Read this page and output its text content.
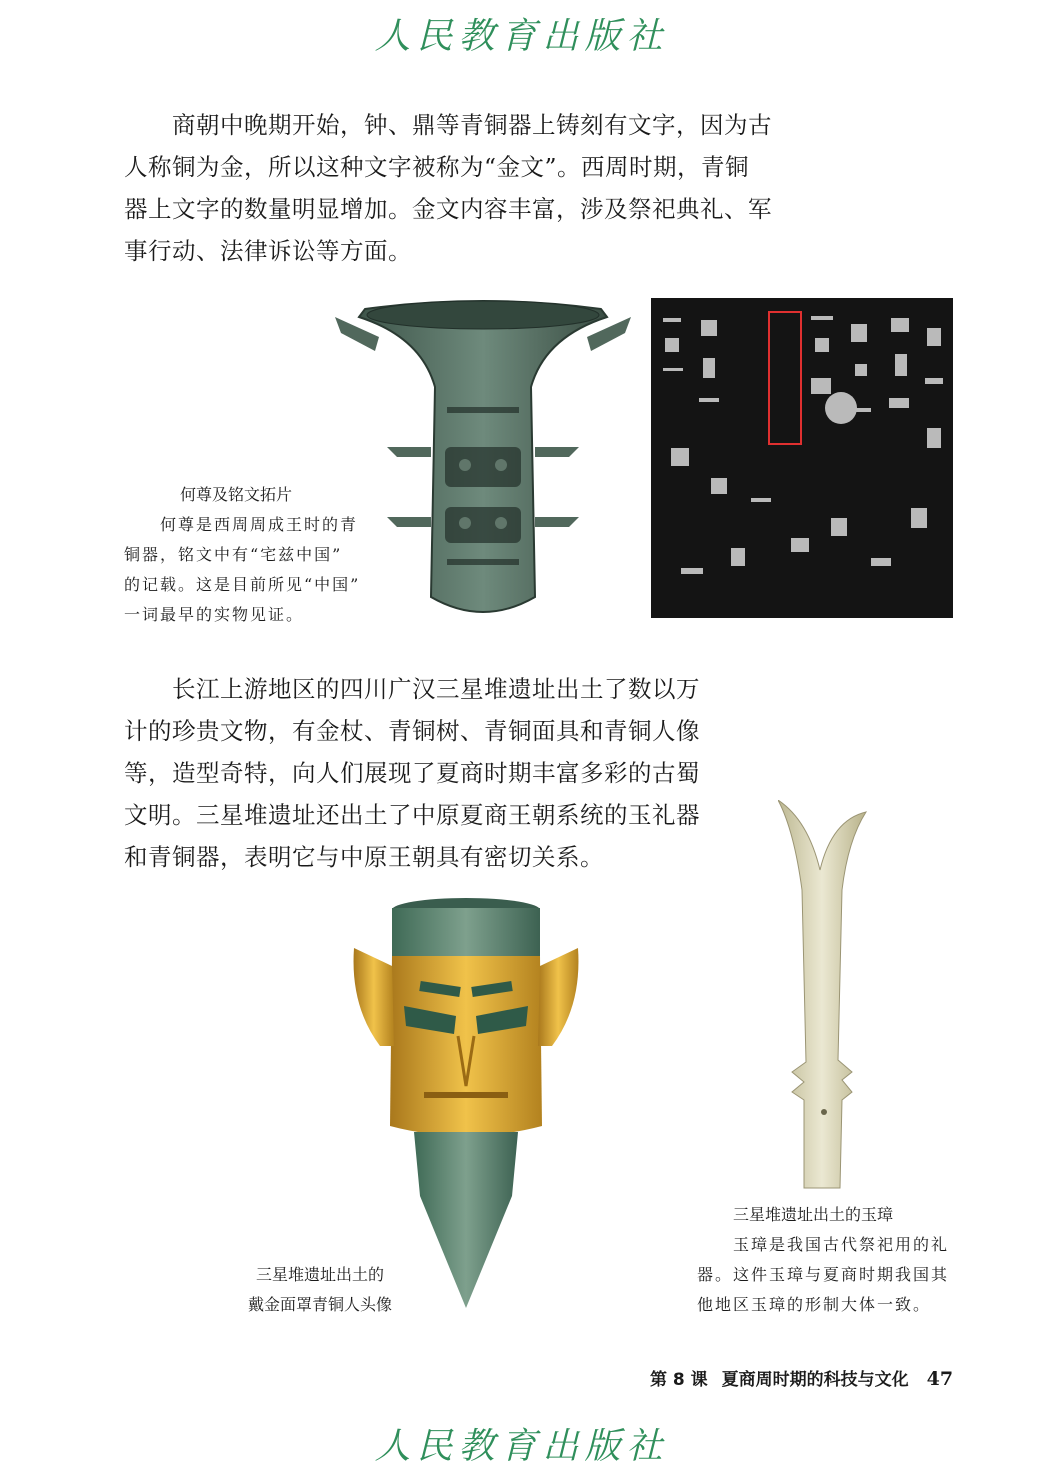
人民教育出版社

商朝中晚期开始，钟、鼎等青铜器上铸刻有文字，因为古
人称铜为金，所以这种文字被称为“金文”。西周时期，青铜
器上文字的数量明显增加。金文内容丰富，涉及祭祀典礼、军
事行动、法律诉讼等方面。

何尊及铭文拓片
何尊是西周周成王时的青
铜器，铭文中有“宅兹中国”
的记载。这是目前所见“中国”
一词最早的实物见证。

长江上游地区的四川广汉三星堆遗址出土了数以万
计的珍贵文物，有金杖、青铜树、青铜面具和青铜人像
等，造型奇特，向人们展现了夏商时期丰富多彩的古蜀
文明。三星堆遗址还出土了中原夏商王朝系统的玉礼器
和青铜器，表明它与中原王朝具有密切关系。

三星堆遗址出土的
戴金面罩青铜人头像
三星堆遗址出土的玉璋
玉璋是我国古代祭祀用的礼
器。这件玉璋与夏商时期我国其
他地区玉璋的形制大体一致。
第 8 课 夏商周时期的科技与文化 47
人民教育出版社
